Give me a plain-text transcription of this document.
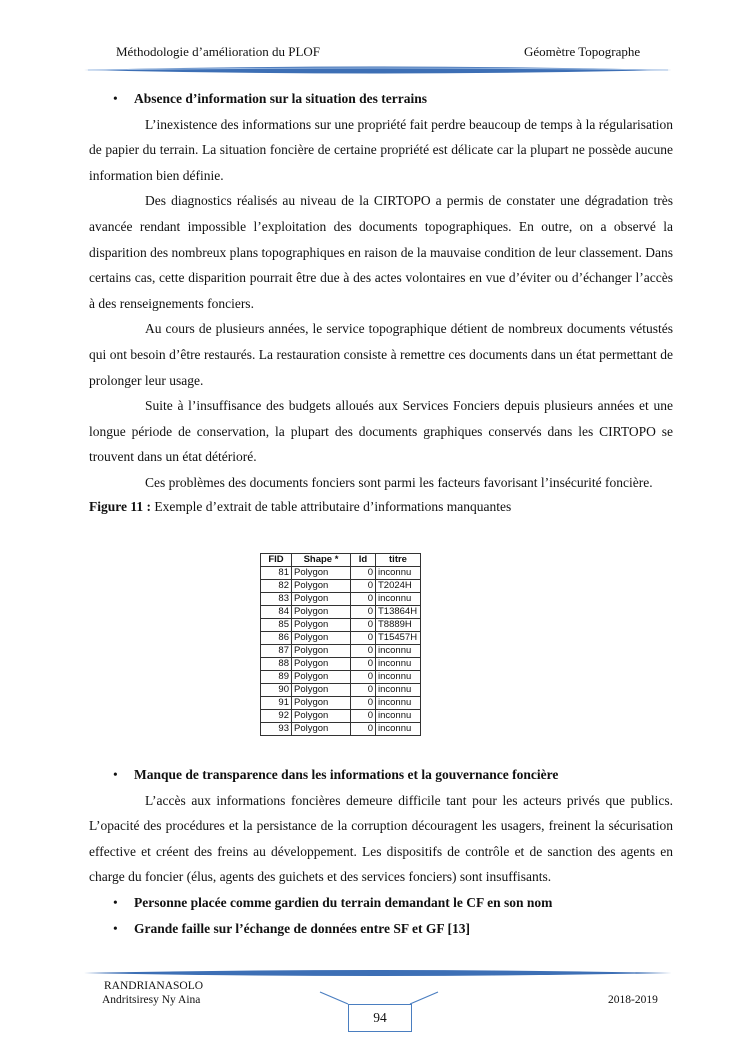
Méthodologie d’amélioration du PLOF	Géomètre Topographe

•	Absence d’information sur la situation des terrains

L’inexistence des informations sur une propriété fait perdre beaucoup de temps à la régularisation de papier du terrain. La situation foncière de certaine propriété est délicate car la plupart ne possède aucune information bien définie.

Des diagnostics réalisés au niveau de la CIRTOPO a permis de constater une dégradation très avancée rendant impossible l’exploitation des documents topographiques. En outre, on a observé la disparition des nombreux plans topographiques en raison de la mauvaise condition de leur classement. Dans certains cas, cette disparition pourrait être due à des actes volontaires en vue d’éviter ou d’échanger l’accès à des renseignements fonciers.

Au cours de plusieurs années, le service topographique détient de nombreux documents vétustés qui ont besoin d’être restaurés. La restauration consiste à remettre ces documents dans un état permettant de prolonger leur usage.

Suite à l’insuffisance des budgets alloués aux Services Fonciers depuis plusieurs années et une longue période de conservation, la plupart des documents graphiques conservés dans les CIRTOPO se trouvent dans un état détérioré.

Ces problèmes des documents fonciers sont parmi les facteurs favorisant l’insécurité foncière.

Figure 11 : Exemple d’extrait de table attributaire d’informations manquantes

FID	Shape *	Id	titre
81	Polygon	0	inconnu
82	Polygon	0	T2024H
83	Polygon	0	inconnu
84	Polygon	0	T13864H
85	Polygon	0	T8889H
86	Polygon	0	T15457H
87	Polygon	0	inconnu
88	Polygon	0	inconnu
89	Polygon	0	inconnu
90	Polygon	0	inconnu
91	Polygon	0	inconnu
92	Polygon	0	inconnu
93	Polygon	0	inconnu

•	Manque de transparence dans les informations et la gouvernance foncière

L’accès aux informations foncières demeure difficile tant pour les acteurs privés que publics. L’opacité des procédures et la persistance de la corruption découragent les usagers, freinent la sécurisation effective et créent des freins au développement. Les dispositifs de contrôle et de sanction des agents en charge du foncier (élus, agents des guichets et des services fonciers) sont insuffisants.

•	Personne placée comme gardien du terrain demandant le CF en son nom

•	Grande faille sur l’échange de données entre SF et GF [13]

RANDRIANASOLO
Andritsiresy Ny Aina	2018-2019
94
